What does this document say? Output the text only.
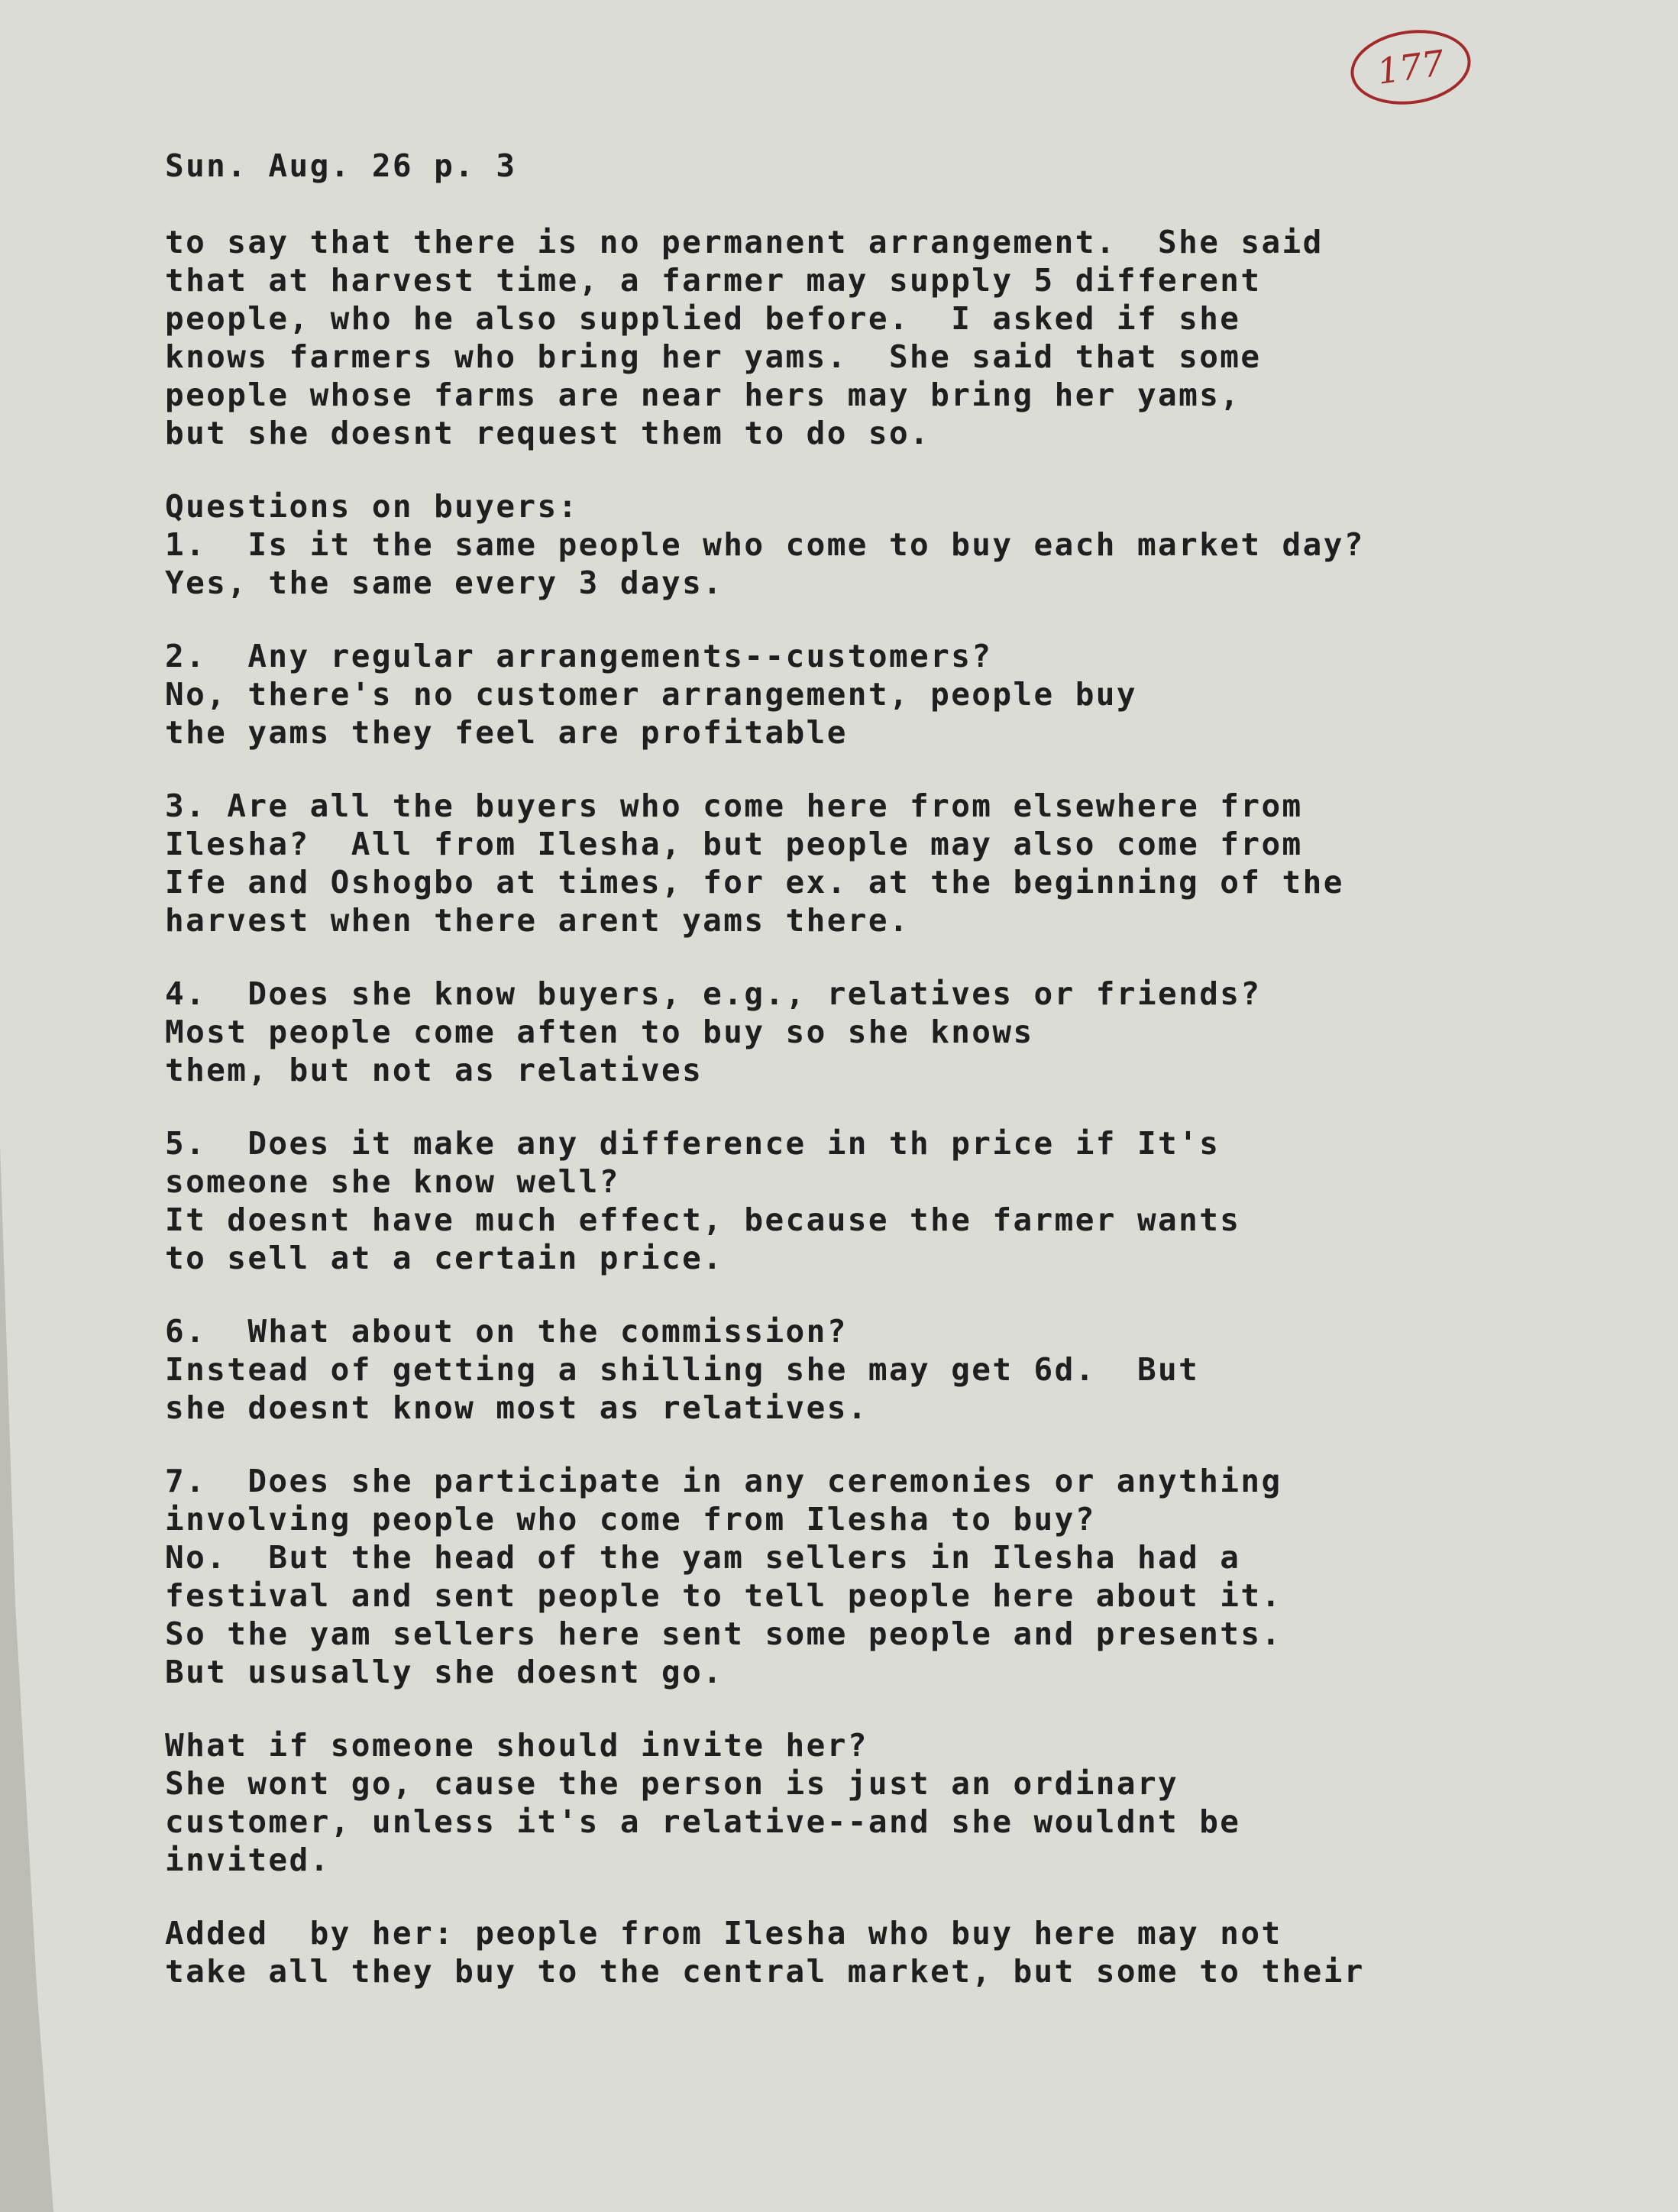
177
Sun. Aug. 26 p. 3
to say that there is no permanent arrangement.  She said
that at harvest time, a farmer may supply 5 different
people, who he also supplied before.  I asked if she
knows farmers who bring her yams.  She said that some
people whose farms are near hers may bring her yams,
but she doesnt request them to do so.
Questions on buyers:
1.  Is it the same people who come to buy each market day?
Yes, the same every 3 days.
2.  Any regular arrangements--customers?
No, there's no customer arrangement, people buy
the yams they feel are profitable
3. Are all the buyers who come here from elsewhere from
Ilesha?  All from Ilesha, but people may also come from
Ife and Oshogbo at times, for ex. at the beginning of the
harvest when there arent yams there.
4.  Does she know buyers, e.g., relatives or friends?
Most people come aften to buy so she knows
them, but not as relatives
5.  Does it make any difference in th price if It's
someone she know well?
It doesnt have much effect, because the farmer wants
to sell at a certain price.
6.  What about on the commission?
Instead of getting a shilling she may get 6d.  But
she doesnt know most as relatives.
7.  Does she participate in any ceremonies or anything
involving people who come from Ilesha to buy?
No.  But the head of the yam sellers in Ilesha had a
festival and sent people to tell people here about it.
So the yam sellers here sent some people and presents.
But ususally she doesnt go.
What if someone should invite her?
She wont go, cause the person is just an ordinary
customer, unless it's a relative--and she wouldnt be
invited.
Added  by her: people from Ilesha who buy here may not
take all they buy to the central market, but some to their
